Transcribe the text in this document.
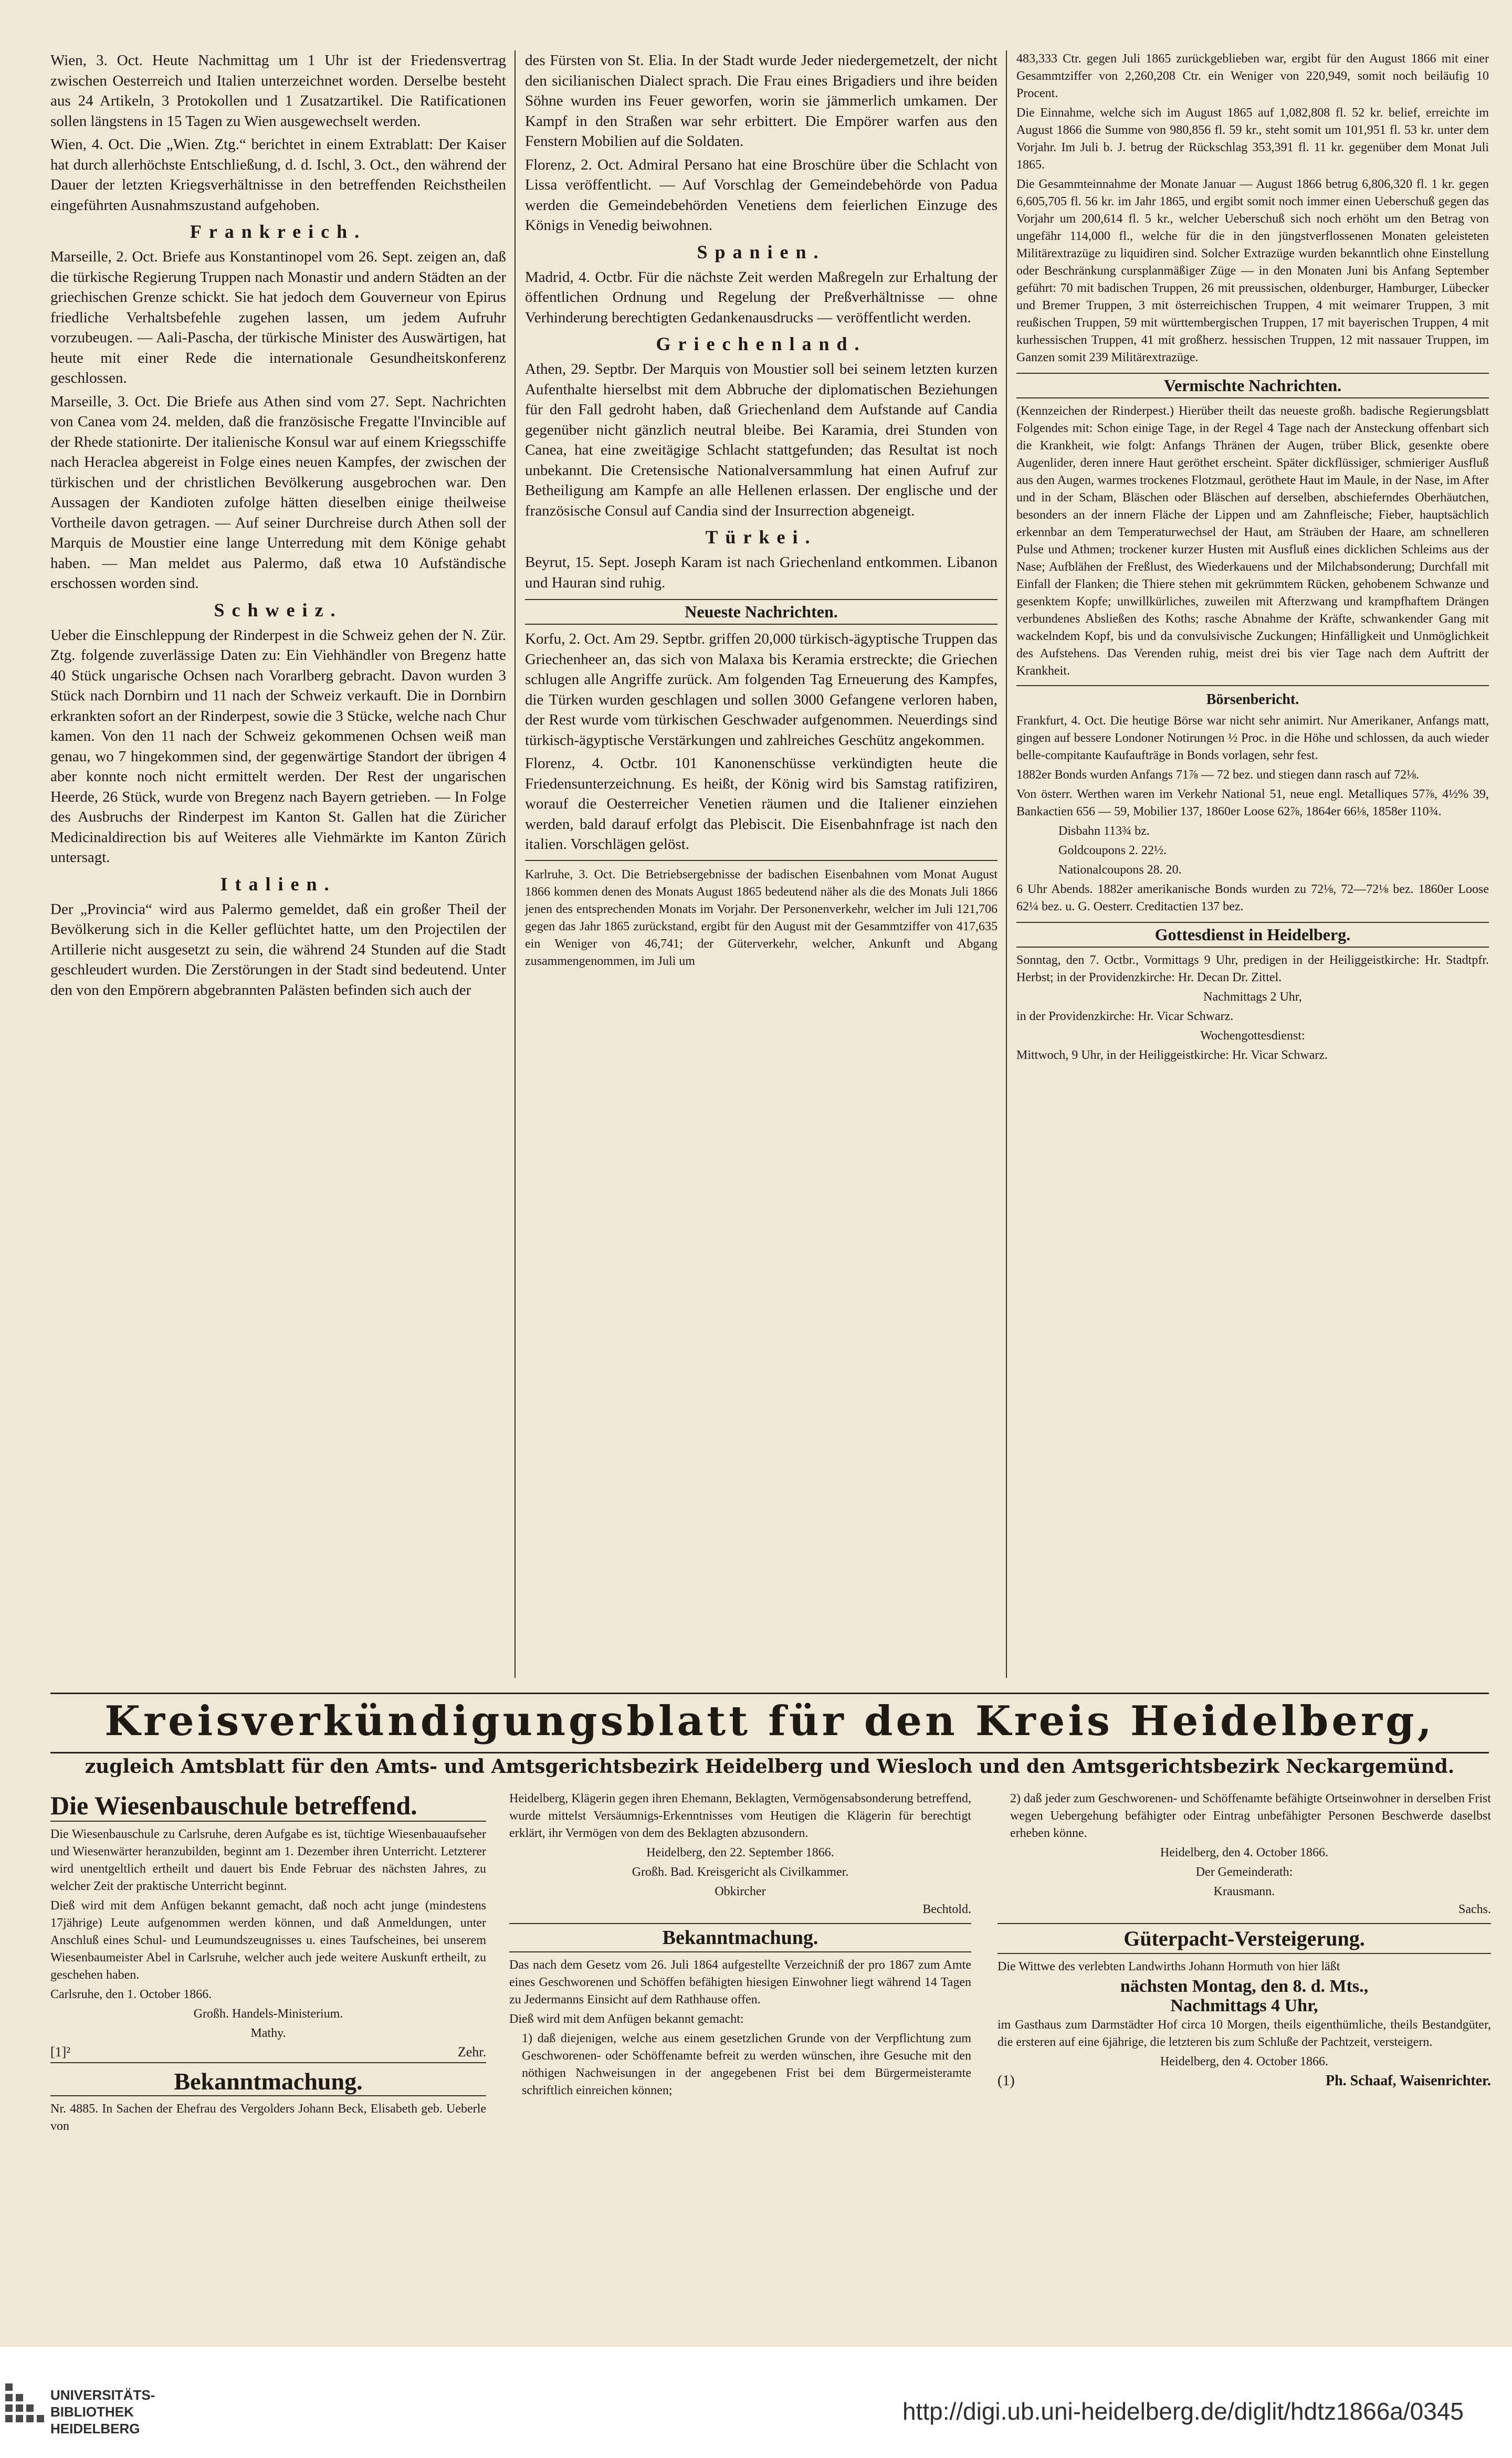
Wien, 3. Oct. Heute Nachmittag um 1 Uhr ist der Friedensvertrag zwischen Oesterreich und Italien unterzeichnet worden. Derselbe besteht aus 24 Artikeln, 3 Protokollen und 1 Zusatzartikel. Die Ratificationen sollen längstens in 15 Tagen zu Wien ausgewechselt werden.

Wien, 4. Oct. Die „Wien. Ztg.“ berichtet in einem Extrablatt: Der Kaiser hat durch allerhöchste Entschließung, d. d. Ischl, 3. Oct., den während der Dauer der letzten Kriegsverhältnisse in den betreffenden Reichstheilen eingeführten Ausnahmszustand aufgehoben.

Frankreich.

Marseille, 2. Oct. Briefe aus Konstantinopel vom 26. Sept. zeigen an, daß die türkische Regierung Truppen nach Monastir und andern Städten an der griechischen Grenze schickt. Sie hat jedoch dem Gouverneur von Epirus friedliche Verhaltsbefehle zugehen lassen, um jedem Aufruhr vorzubeugen. — Aali-Pascha, der türkische Minister des Auswärtigen, hat heute mit einer Rede die internationale Gesundheitskonferenz geschlossen.

Marseille, 3. Oct. Die Briefe aus Athen sind vom 27. Sept. Nachrichten von Canea vom 24. melden, daß die französische Fregatte l'Invincible auf der Rhede stationirte. Der italienische Konsul war auf einem Kriegsschiffe nach Heraclea abgereist in Folge eines neuen Kampfes, der zwischen der türkischen und der christlichen Bevölkerung ausgebrochen war. Den Aussagen der Kandioten zufolge hätten dieselben einige theilweise Vortheile davon getragen. — Auf seiner Durchreise durch Athen soll der Marquis de Moustier eine lange Unterredung mit dem Könige gehabt haben. — Man meldet aus Palermo, daß etwa 10 Aufständische erschossen worden sind.

Schweiz.

Ueber die Einschleppung der Rinderpest in die Schweiz gehen der N. Zür. Ztg. folgende zuverlässige Daten zu: Ein Viehhändler von Bregenz hatte 40 Stück ungarische Ochsen nach Vorarlberg gebracht. Davon wurden 3 Stück nach Dornbirn und 11 nach der Schweiz verkauft. Die in Dornbirn erkrankten sofort an der Rinderpest, sowie die 3 Stücke, welche nach Chur kamen. Von den 11 nach der Schweiz gekommenen Ochsen weiß man genau, wo 7 hingekommen sind, der gegenwärtige Standort der übrigen 4 aber konnte noch nicht ermittelt werden. Der Rest der ungarischen Heerde, 26 Stück, wurde von Bregenz nach Bayern getrieben. — In Folge des Ausbruchs der Rinderpest im Kanton St. Gallen hat die Züricher Medicinaldirection bis auf Weiteres alle Viehmärkte im Kanton Zürich untersagt.

Italien.

Der „Provincia“ wird aus Palermo gemeldet, daß ein großer Theil der Bevölkerung sich in die Keller geflüchtet hatte, um den Projectilen der Artillerie nicht ausgesetzt zu sein, die während 24 Stunden auf die Stadt geschleudert wurden. Die Zerstörungen in der Stadt sind bedeutend. Unter den von den Empörern abgebrannten Palästen befinden sich auch der

des Fürsten von St. Elia. In der Stadt wurde Jeder niedergemetzelt, der nicht den sicilianischen Dialect sprach. Die Frau eines Brigadiers und ihre beiden Söhne wurden ins Feuer geworfen, worin sie jämmerlich umkamen. Der Kampf in den Straßen war sehr erbittert. Die Empörer warfen aus den Fenstern Mobilien auf die Soldaten.

Florenz, 2. Oct. Admiral Persano hat eine Broschüre über die Schlacht von Lissa veröffentlicht. — Auf Vorschlag der Gemeindebehörde von Padua werden die Gemeindebehörden Venetiens dem feierlichen Einzuge des Königs in Venedig beiwohnen.

Spanien.

Madrid, 4. Octbr. Für die nächste Zeit werden Maßregeln zur Erhaltung der öffentlichen Ordnung und Regelung der Preßverhältnisse — ohne Verhinderung berechtigten Gedankenausdrucks — veröffentlicht werden.

Griechenland.

Athen, 29. Septbr. Der Marquis von Moustier soll bei seinem letzten kurzen Aufenthalte hierselbst mit dem Abbruche der diplomatischen Beziehungen für den Fall gedroht haben, daß Griechenland dem Aufstande auf Candia gegenüber nicht gänzlich neutral bleibe. Bei Karamia, drei Stunden von Canea, hat eine zweitägige Schlacht stattgefunden; das Resultat ist noch unbekannt. Die Cretensische Nationalversammlung hat einen Aufruf zur Betheiligung am Kampfe an alle Hellenen erlassen. Der englische und der französische Consul auf Candia sind der Insurrection abgeneigt.

Türkei.

Beyrut, 15. Sept. Joseph Karam ist nach Griechenland entkommen. Libanon und Hauran sind ruhig.

Neueste Nachrichten.

Korfu, 2. Oct. Am 29. Septbr. griffen 20,000 türkisch-ägyptische Truppen das Griechenheer an, das sich von Malaxa bis Keramia erstreckte; die Griechen schlugen alle Angriffe zurück. Am folgenden Tag Erneuerung des Kampfes, die Türken wurden geschlagen und sollen 3000 Gefangene verloren haben, der Rest wurde vom türkischen Geschwader aufgenommen. Neuerdings sind türkisch-ägyptische Verstärkungen und zahlreiches Geschütz angekommen.

Florenz, 4. Octbr. 101 Kanonenschüsse verkündigten heute die Friedensunterzeichnung. Es heißt, der König wird bis Samstag ratifiziren, worauf die Oesterreicher Venetien räumen und die Italiener einziehen werden, bald darauf erfolgt das Plebiscit. Die Eisenbahnfrage ist nach den italien. Vorschlägen gelöst.

Karlruhe, 3. Oct. Die Betriebsergebnisse der badischen Eisenbahnen vom Monat August 1866 kommen denen des Monats August 1865 bedeutend näher als die des Monats Juli 1866 jenen des entsprechenden Monats im Vorjahr. Der Personenverkehr, welcher im Juli 121,706 gegen das Jahr 1865 zurückstand, ergibt für den August mit der Gesammtziffer von 417,635 ein Weniger von 46,741; der Güterverkehr, welcher, Ankunft und Abgang zusammengenommen, im Juli um

483,333 Ctr. gegen Juli 1865 zurückgeblieben war, ergibt für den August 1866 mit einer Gesammtziffer von 2,260,208 Ctr. ein Weniger von 220,949, somit noch beiläufig 10 Procent.

Die Einnahme, welche sich im August 1865 auf 1,082,808 fl. 52 kr. belief, erreichte im August 1866 die Summe von 980,856 fl. 59 kr., steht somit um 101,951 fl. 53 kr. unter dem Vorjahr. Im Juli b. J. betrug der Rückschlag 353,391 fl. 11 kr. gegenüber dem Monat Juli 1865.

Die Gesammteinnahme der Monate Januar — August 1866 betrug 6,806,320 fl. 1 kr. gegen 6,605,705 fl. 56 kr. im Jahr 1865, und ergibt somit noch immer einen Ueberschuß gegen das Vorjahr um 200,614 fl. 5 kr., welcher Ueberschuß sich noch erhöht um den Betrag von ungefähr 114,000 fl., welche für die in den jüngstverflossenen Monaten geleisteten Militärextrazüge zu liquidiren sind. Solcher Extrazüge wurden bekanntlich ohne Einstellung oder Beschränkung cursplanmäßiger Züge — in den Monaten Juni bis Anfang September geführt: 70 mit badischen Truppen, 26 mit preussischen, oldenburger, Hamburger, Lübecker und Bremer Truppen, 3 mit österreichischen Truppen, 4 mit weimarer Truppen, 3 mit reußischen Truppen, 59 mit württembergischen Truppen, 17 mit bayerischen Truppen, 4 mit kurhessischen Truppen, 41 mit großherz. hessischen Truppen, 12 mit nassauer Truppen, im Ganzen somit 239 Militärextrazüge.

Vermischte Nachrichten.

(Kennzeichen der Rinderpest.) Hierüber theilt das neueste großh. badische Regierungsblatt Folgendes mit: Schon einige Tage, in der Regel 4 Tage nach der Ansteckung offenbart sich die Krankheit, wie folgt: Anfangs Thränen der Augen, trüber Blick, gesenkte obere Augenlider, deren innere Haut geröthet erscheint. Später dickflüssiger, schmieriger Ausfluß aus den Augen, warmes trockenes Flotzmaul, geröthete Haut im Maule, in der Nase, im After und in der Scham, Bläschen oder Bläschen auf derselben, abschieferndes Oberhäutchen, besonders an der innern Fläche der Lippen und am Zahnfleische; Fieber, hauptsächlich erkennbar an dem Temperaturwechsel der Haut, am Sträuben der Haare, am schnelleren Pulse und Athmen; trockener kurzer Husten mit Ausfluß eines dicklichen Schleims aus der Nase; Aufblähen der Freßlust, des Wiederkauens und der Milchabsonderung; Durchfall mit Einfall der Flanken; die Thiere stehen mit gekrümmtem Rücken, gehobenem Schwanze und gesenktem Kopfe; unwillkürliches, zuweilen mit Afterzwang und krampfhaftem Drängen verbundenes Absließen des Koths; rasche Abnahme der Kräfte, schwankender Gang mit wackelndem Kopf, bis und da convulsivische Zuckungen; Hinfälligkeit und Unmöglichkeit des Aufstehens. Das Verenden ruhig, meist drei bis vier Tage nach dem Auftritt der Krankheit.

Börsenbericht.

Frankfurt, 4. Oct. Die heutige Börse war nicht sehr animirt. Nur Amerikaner, Anfangs matt, gingen auf bessere Londoner Notirungen ½ Proc. in die Höhe und schlossen, da auch wieder belle-compitante Kaufaufträge in Bonds vorlagen, sehr fest.

1882er Bonds wurden Anfangs 71⅞ — 72 bez. und stiegen dann rasch auf 72⅛.

Von österr. Werthen waren im Verkehr National 51, neue engl. Metalliques 57⅞, 4½% 39, Bankactien 656 — 59, Mobilier 137, 1860er Loose 62⅞, 1864er 66⅛, 1858er 110¾.

Disbahn 113¾ bz.

Goldcoupons 2. 22½.

Nationalcoupons 28. 20.

6 Uhr Abends. 1882er amerikanische Bonds wurden zu 72⅛, 72—72⅛ bez. 1860er Loose 62¼ bez. u. G. Oesterr. Creditactien 137 bez.

Gottesdienst in Heidelberg.

Sonntag, den 7. Octbr., Vormittags 9 Uhr, predigen in der Heiliggeistkirche: Hr. Stadtpfr. Herbst; in der Providenzkirche: Hr. Decan Dr. Zittel.

Nachmittags 2 Uhr,

in der Providenzkirche: Hr. Vicar Schwarz.

Wochengottesdienst:

Mittwoch, 9 Uhr, in der Heiliggeistkirche: Hr. Vicar Schwarz.

Kreisverkündigungsblatt für den Kreis Heidelberg,
zugleich Amtsblatt für den Amts- und Amtsgerichtsbezirk Heidelberg und Wiesloch und den Amtsgerichtsbezirk Neckargemünd.
Die Wiesenbauschule betreffend.

Die Wiesenbauschule zu Carlsruhe, deren Aufgabe es ist, tüchtige Wiesenbauaufseher und Wiesenwärter heranzubilden, beginnt am 1. Dezember ihren Unterricht. Letzterer wird unentgeltlich ertheilt und dauert bis Ende Februar des nächsten Jahres, zu welcher Zeit der praktische Unterricht beginnt.

Dieß wird mit dem Anfügen bekannt gemacht, daß noch acht junge (mindestens 17jährige) Leute aufgenommen werden können, und daß Anmeldungen, unter Anschluß eines Schul- und Leumundszeugnisses u. eines Taufscheines, bei unserem Wiesenbaumeister Abel in Carlsruhe, welcher auch jede weitere Auskunft ertheilt, zu geschehen haben.

Carlsruhe, den 1. October 1866.

Großh. Handels-Ministerium.

Mathy.

[1]²	Zehr.
Bekanntmachung.

Nr. 4885. In Sachen der Ehefrau des Vergolders Johann Beck, Elisabeth geb. Ueberle von

Heidelberg, Klägerin gegen ihren Ehemann, Beklagten, Vermögensabsonderung betreffend, wurde mittelst Versäumnigs-Erkenntnisses vom Heutigen die Klägerin für berechtigt erklärt, ihr Vermögen von dem des Beklagten abzusondern.

Heidelberg, den 22. September 1866.

Großh. Bad. Kreisgericht als Civilkammer.

Obkircher

Bechtold.

Bekanntmachung.

Das nach dem Gesetz vom 26. Juli 1864 aufgestellte Verzeichniß der pro 1867 zum Amte eines Geschworenen und Schöffen befähigten hiesigen Einwohner liegt während 14 Tagen zu Jedermanns Einsicht auf dem Rathhause offen.

Dieß wird mit dem Anfügen bekannt gemacht:

1) daß diejenigen, welche aus einem gesetzlichen Grunde von der Verpflichtung zum Geschworenen- oder Schöffenamte befreit zu werden wünschen, ihre Gesuche mit den nöthigen Nachweisungen in der angegebenen Frist bei dem Bürgermeisteramte schriftlich einreichen können;

2) daß jeder zum Geschworenen- und Schöffenamte befähigte Ortseinwohner in derselben Frist wegen Uebergehung befähigter oder Eintrag unbefähigter Personen Beschwerde daselbst erheben könne.

Heidelberg, den 4. October 1866.

Der Gemeinderath:

Krausmann.

Sachs.

Güterpacht-Versteigerung.

Die Wittwe des verlebten Landwirths Johann Hormuth von hier läßt

nächsten Montag, den 8. d. Mts.,

Nachmittags 4 Uhr,

im Gasthaus zum Darmstädter Hof circa 10 Morgen, theils eigenthümliche, theils Bestandgüter, die ersteren auf eine 6jährige, die letzteren bis zum Schluße der Pachtzeit, versteigern.

Heidelberg, den 4. October 1866.

(1)	Ph. Schaaf, Waisenrichter.
UNIVERSITÄTS-
BIBLIOTHEK
HEIDELBERG
http://digi.ub.uni-heidelberg.de/diglit/hdtz1866a/0345
